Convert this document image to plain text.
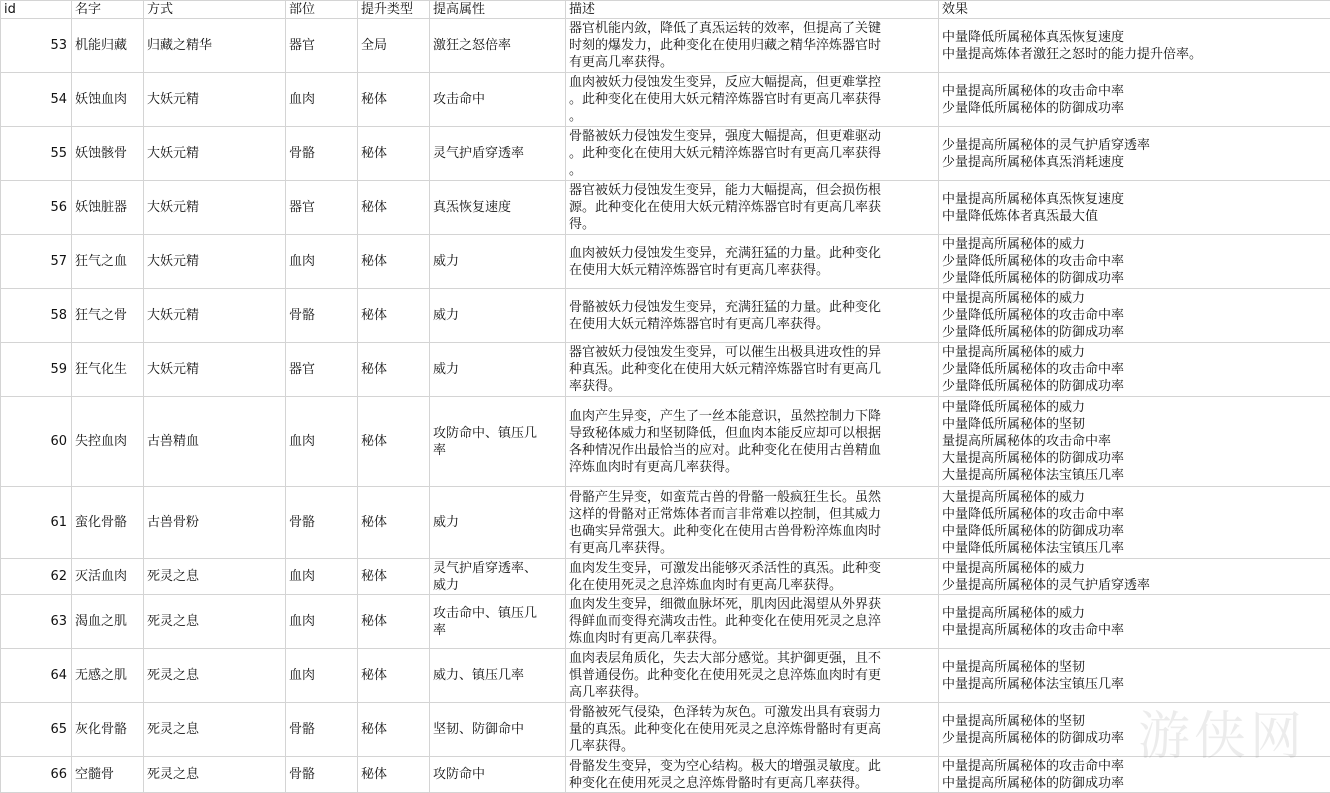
id	名字	方式	部位	提升类型	提高属性	描述	效果
53	机能归藏	归藏之精华	器官	全局	激狂之怒倍率	器官机能内敛，降低了真炁运转的效率，但提高了关键
时刻的爆发力，此种变化在使用归藏之精华淬炼器官时
有更高几率获得。	中量降低所属秘体真炁恢复速度
中量提高炼体者激狂之怒时的能力提升倍率。
54	妖蚀血肉	大妖元精	血肉	秘体	攻击命中	血肉被妖力侵蚀发生变异，反应大幅提高，但更难掌控
。此种变化在使用大妖元精淬炼器官时有更高几率获得
。	中量提高所属秘体的攻击命中率
少量降低所属秘体的防御成功率
55	妖蚀骸骨	大妖元精	骨骼	秘体	灵气护盾穿透率	骨骼被妖力侵蚀发生变异，强度大幅提高，但更难驱动
。此种变化在使用大妖元精淬炼器官时有更高几率获得
。	少量提高所属秘体的灵气护盾穿透率
少量提高所属秘体真炁消耗速度
56	妖蚀脏器	大妖元精	器官	秘体	真炁恢复速度	器官被妖力侵蚀发生变异，能力大幅提高，但会损伤根
源。此种变化在使用大妖元精淬炼器官时有更高几率获
得。	中量提高所属秘体真炁恢复速度
中量降低炼体者真炁最大值
57	狂气之血	大妖元精	血肉	秘体	威力	血肉被妖力侵蚀发生变异，充满狂猛的力量。此种变化
在使用大妖元精淬炼器官时有更高几率获得。	中量提高所属秘体的威力
少量降低所属秘体的攻击命中率
少量降低所属秘体的防御成功率
58	狂气之骨	大妖元精	骨骼	秘体	威力	骨骼被妖力侵蚀发生变异，充满狂猛的力量。此种变化
在使用大妖元精淬炼器官时有更高几率获得。	中量提高所属秘体的威力
少量降低所属秘体的攻击命中率
少量降低所属秘体的防御成功率
59	狂气化生	大妖元精	器官	秘体	威力	器官被妖力侵蚀发生变异，可以催生出极具进攻性的异
种真炁。此种变化在使用大妖元精淬炼器官时有更高几
率获得。	中量提高所属秘体的威力
少量降低所属秘体的攻击命中率
少量降低所属秘体的防御成功率
60	失控血肉	古兽精血	血肉	秘体	攻防命中、镇压几
率	血肉产生异变，产生了一丝本能意识，虽然控制力下降
导致秘体威力和坚韧降低，但血肉本能反应却可以根据
各种情况作出最恰当的应对。此种变化在使用古兽精血
淬炼血肉时有更高几率获得。	中量降低所属秘体的威力
中量降低所属秘体的坚韧
量提高所属秘体的攻击命中率
大量提高所属秘体的防御成功率
大量提高所属秘体法宝镇压几率
61	蛮化骨骼	古兽骨粉	骨骼	秘体	威力	骨骼产生异变，如蛮荒古兽的骨骼一般疯狂生长。虽然
这样的骨骼对正常炼体者而言非常难以控制，但其威力
也确实异常强大。此种变化在使用古兽骨粉淬炼血肉时
有更高几率获得。	大量提高所属秘体的威力
中量降低所属秘体的攻击命中率
中量降低所属秘体的防御成功率
中量降低所属秘体法宝镇压几率
62	灭活血肉	死灵之息	血肉	秘体	灵气护盾穿透率、
威力	血肉发生变异，可激发出能够灭杀活性的真炁。此种变
化在使用死灵之息淬炼血肉时有更高几率获得。	中量提高所属秘体的威力
少量提高所属秘体的灵气护盾穿透率
63	渴血之肌	死灵之息	血肉	秘体	攻击命中、镇压几
率	血肉发生变异，细微血脉坏死，肌肉因此渴望从外界获
得鲜血而变得充满攻击性。此种变化在使用死灵之息淬
炼血肉时有更高几率获得。	中量提高所属秘体的威力
中量提高所属秘体的攻击命中率
64	无感之肌	死灵之息	血肉	秘体	威力、镇压几率	血肉表层角质化，失去大部分感觉。其护御更强，且不
惧普通侵伤。此种变化在使用死灵之息淬炼血肉时有更
高几率获得。	中量提高所属秘体的坚韧
中量提高所属秘体法宝镇压几率
65	灰化骨骼	死灵之息	骨骼	秘体	坚韧、防御命中	骨骼被死气侵染，色泽转为灰色。可激发出具有衰弱力
量的真炁。此种变化在使用死灵之息淬炼骨骼时有更高
几率获得。	中量提高所属秘体的坚韧
少量提高所属秘体的防御成功率
66	空髓骨	死灵之息	骨骼	秘体	攻防命中	骨骼发生变异，变为空心结构。极大的增强灵敏度。此
种变化在使用死灵之息淬炼骨骼时有更高几率获得。	中量提高所属秘体的攻击命中率
中量提高所属秘体的防御成功率
游侠网
